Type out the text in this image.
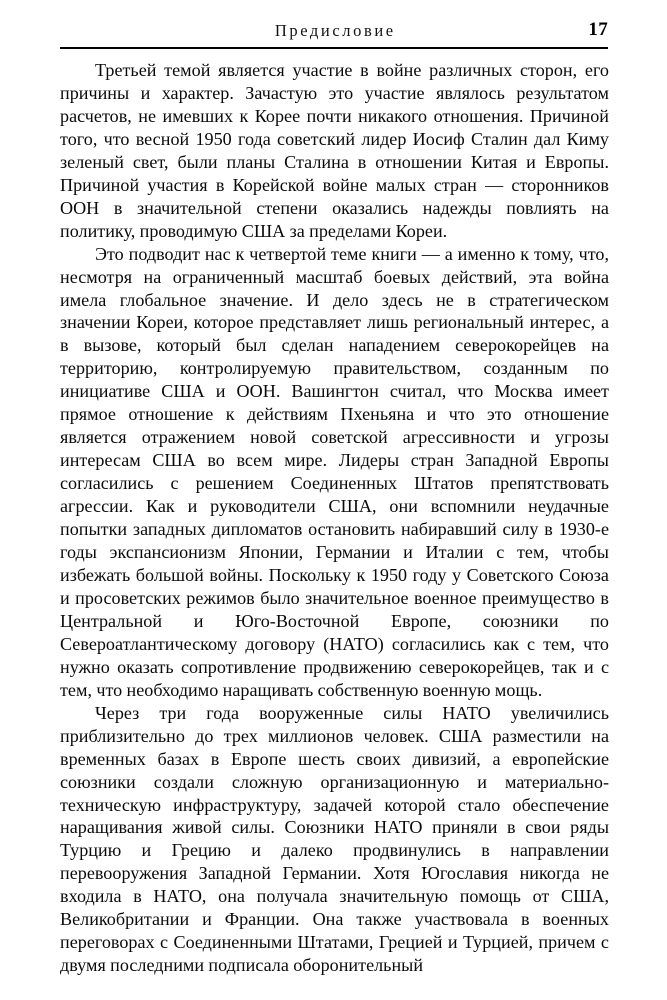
Предисловие	17

Третьей темой является участие в войне различных сторон, его причины и характер. Зачастую это участие являлось результатом расчетов, не имевших к Корее почти никакого отношения. Причиной того, что весной 1950 года советский лидер Иосиф Сталин дал Киму зеленый свет, были планы Сталина в отношении Китая и Европы. Причиной участия в Корейской войне малых стран — сторонников ООН в значительной степени оказались надежды повлиять на политику, проводимую США за пределами Кореи.

Это подводит нас к четвертой теме книги — а именно к тому, что, несмотря на ограниченный масштаб боевых действий, эта война имела глобальное значение. И дело здесь не в стратегическом значении Кореи, которое представляет лишь региональный интерес, а в вызове, который был сделан нападением северокорейцев на территорию, контролируемую правительством, созданным по инициативе США и ООН. Вашингтон считал, что Москва имеет прямое отношение к действиям Пхеньяна и что это отношение является отражением новой советской агрессивности и угрозы интересам США во всем мире. Лидеры стран Западной Европы согласились с решением Соединенных Штатов препятствовать агрессии. Как и руководители США, они вспомнили неудачные попытки западных дипломатов остановить набиравший силу в 1930-е годы экспансионизм Японии, Германии и Италии с тем, чтобы избежать большой войны. Поскольку к 1950 году у Советского Союза и просоветских режимов было значительное военное преимущество в Центральной и Юго-Восточной Европе, союзники по Североатлантическому договору (НАТО) согласились как с тем, что нужно оказать сопротивление продвижению северокорейцев, так и с тем, что необходимо наращивать собственную военную мощь.

Через три года вооруженные силы НАТО увеличились приблизительно до трех миллионов человек. США разместили на временных базах в Европе шесть своих дивизий, а европейские союзники создали сложную организационную и материально-техническую инфраструктуру, задачей которой стало обеспечение наращивания живой силы. Союзники НАТО приняли в свои ряды Турцию и Грецию и далеко продвинулись в направлении перевооружения Западной Германии. Хотя Югославия никогда не входила в НАТО, она получала значительную помощь от США, Великобритании и Франции. Она также участвовала в военных переговорах с Соединенными Штатами, Грецией и Турцией, причем с двумя последними подписала оборонительный
